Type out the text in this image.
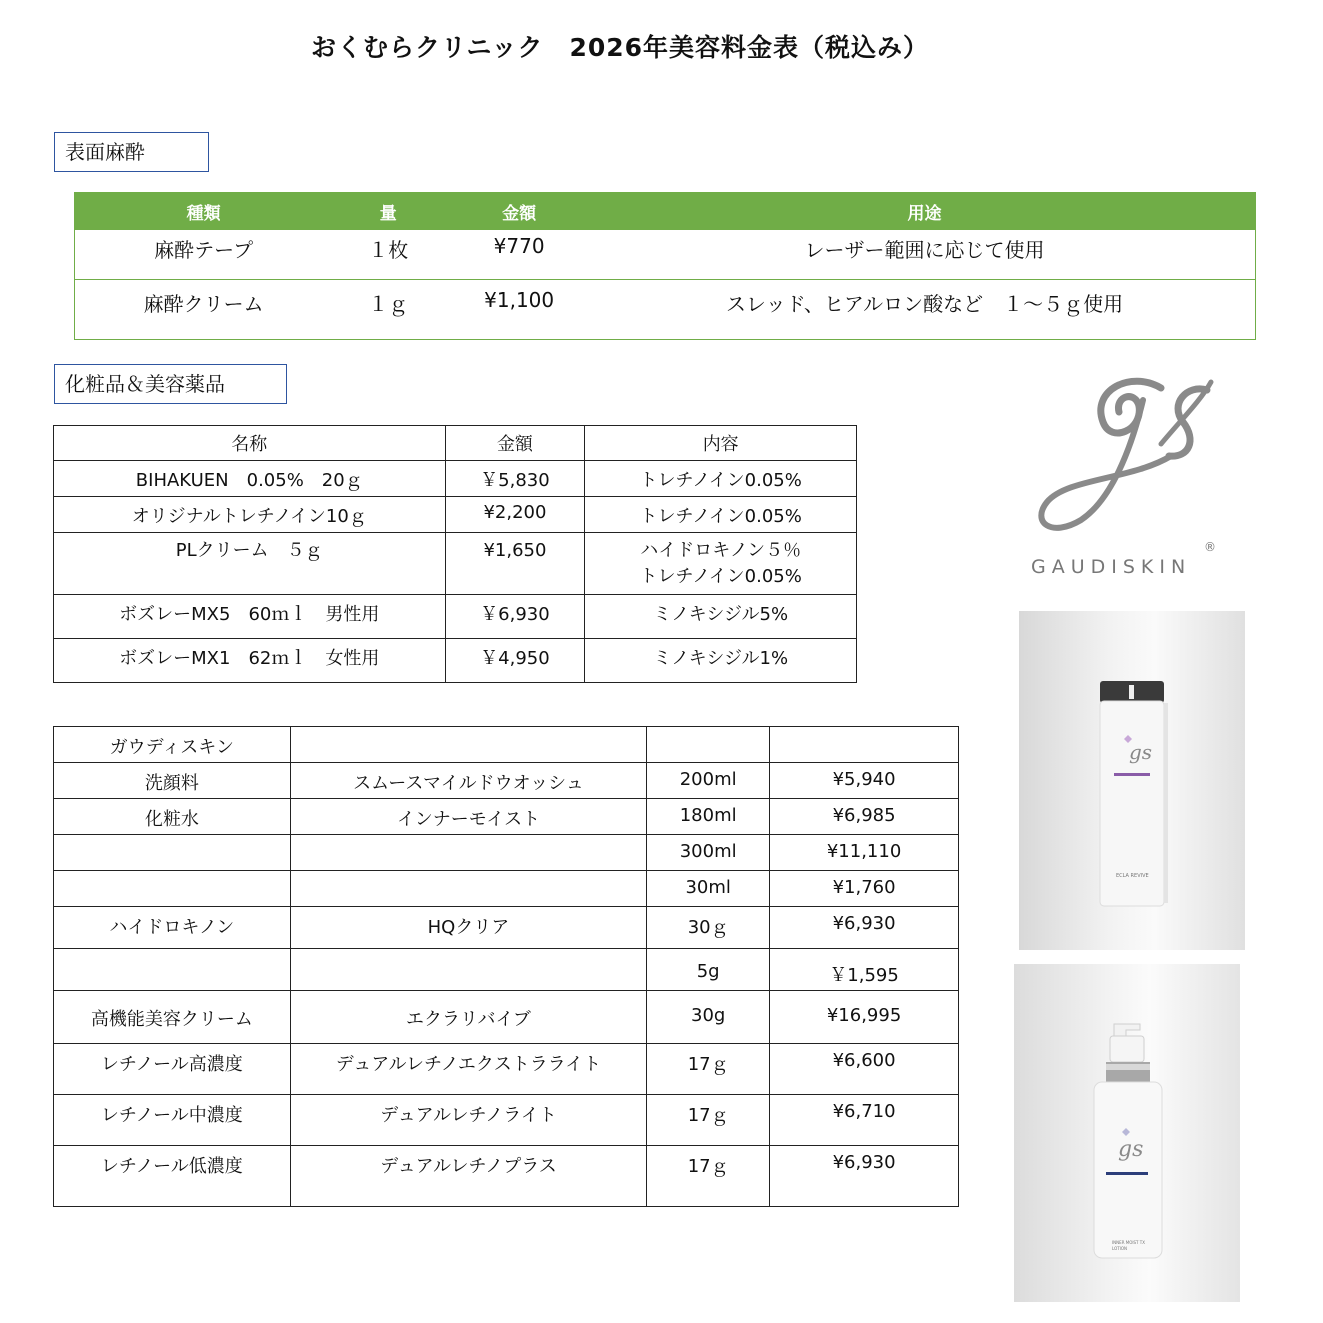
おくむらクリニック　2026年美容料金表（税込み）
表面麻酔
種類	量	金額	用途
麻酔テープ	１枚	¥770	レーザー範囲に応じて使用
麻酔クリーム	１ｇ	¥1,100	スレッド、ヒアルロン酸など　１～５ｇ使用
化粧品＆美容薬品
名称	金額	内容
BIHAKUEN　0.05%　20ｇ	￥5,830	トレチノイン0.05%
オリジナルトレチノイン10ｇ	¥2,200	トレチノイン0.05%
PLクリーム　５ｇ	¥1,650	ハイドロキノン５％
トレチノイン0.05%

ボズレーMX5　60ｍｌ　男性用	￥6,930	ミノキシジル5%
ボズレーMX1　62ｍｌ　女性用	￥4,950	ミノキシジル1%
ガウディスキン			
洗顔料	スムースマイルドウオッシュ	200ml	¥5,940
化粧水	インナーモイスト	180ml	¥6,985
		300ml	¥11,110
		30ml	¥1,760
ハイドロキノン	HQクリア	30ｇ	¥6,930
		5g	￥1,595
高機能美容クリーム	エクラリバイブ	30g	¥16,995
レチノール高濃度	デュアルレチノエクストラライト	17ｇ	¥6,600
レチノール中濃度	デュアルレチノライト	17ｇ	¥6,710
レチノール低濃度	デュアルレチノプラス	17ｇ	¥6,930
GAUDISKIN
®
gs
ECLA REVIVE
gs
INNER MOIST TX LOTION
